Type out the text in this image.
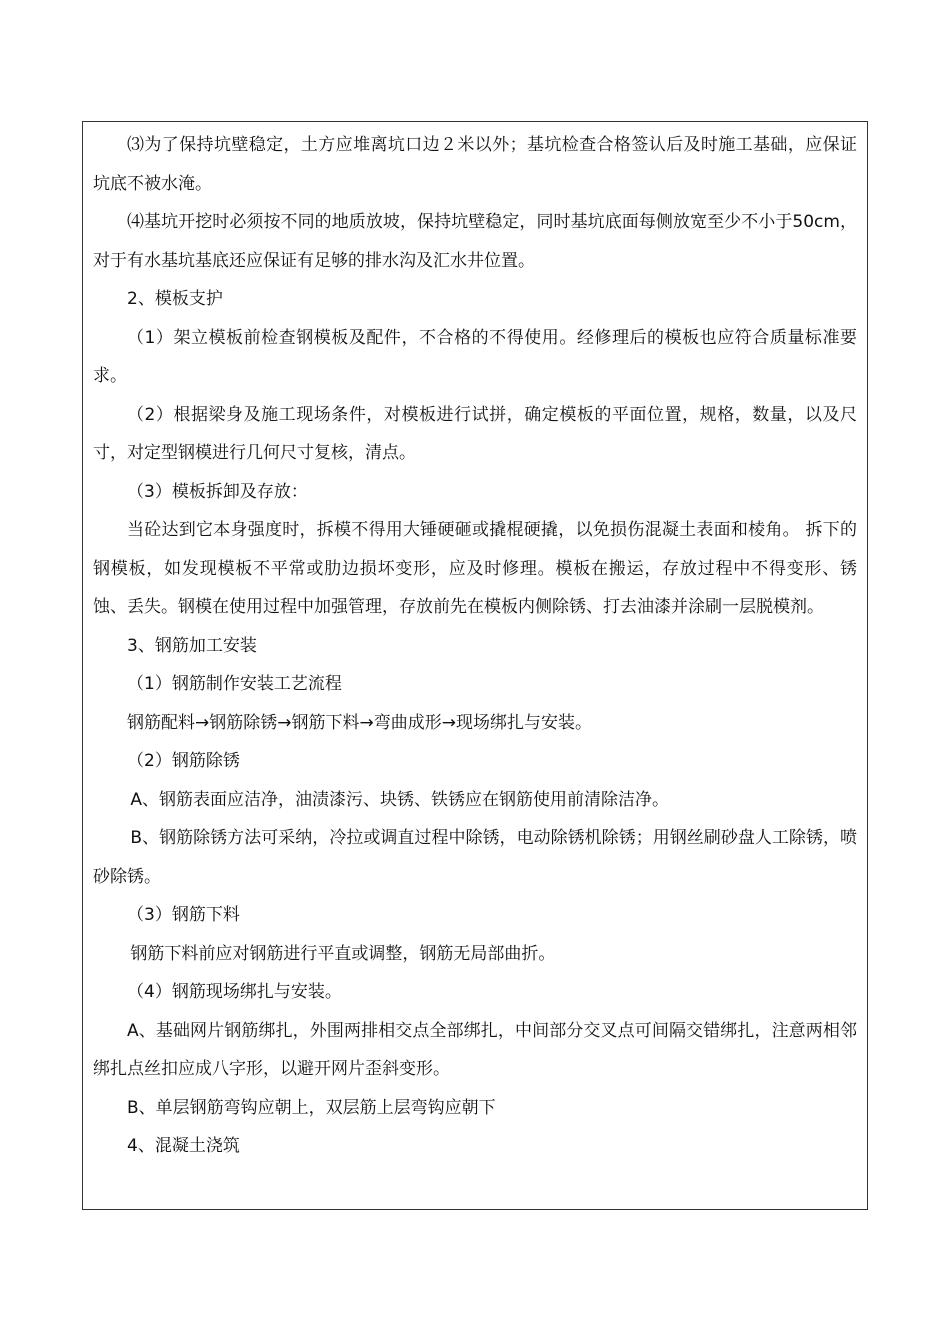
⑶为了保持坑壁稳定，土方应堆离坑口边２米以外；基坑检查合格签认后及时施工基础，应保证坑底不被水淹。

⑷基坑开挖时必须按不同的地质放坡，保持坑壁稳定，同时基坑底面每侧放宽至少不小于50cm，对于有水基坑基底还应保证有足够的排水沟及汇水井位置。

2、模板支护

（1）架立模板前检查钢模板及配件，不合格的不得使用。经修理后的模板也应符合质量标准要求。

（2）根据梁身及施工现场条件，对模板进行试拼，确定模板的平面位置，规格，数量，以及尺寸，对定型钢模进行几何尺寸复核，清点。

（3）模板拆卸及存放：

当砼达到它本身强度时，拆模不得用大锤硬砸或撬棍硬撬，以免损伤混凝土表面和棱角。 拆下的钢模板，如发现模板不平常或肋边损坏变形，应及时修理。模板在搬运，存放过程中不得变形、锈蚀、丢失。钢模在使用过程中加强管理，存放前先在模板内侧除锈、打去油漆并涂刷一层脱模剂。

3、钢筋加工安装

（1）钢筋制作安装工艺流程

钢筋配料→钢筋除锈→钢筋下料→弯曲成形→现场绑扎与安装。

（2）钢筋除锈

A、钢筋表面应洁净，油渍漆污、块锈、铁锈应在钢筋使用前清除洁净。

B、钢筋除锈方法可采纳，冷拉或调直过程中除锈，电动除锈机除锈；用钢丝刷砂盘人工除锈，喷砂除锈。

（3）钢筋下料

钢筋下料前应对钢筋进行平直或调整，钢筋无局部曲折。

（4）钢筋现场绑扎与安装。

A、基础网片钢筋绑扎，外围两排相交点全部绑扎，中间部分交叉点可间隔交错绑扎，注意两相邻绑扎点丝扣应成八字形，以避开网片歪斜变形。

B、单层钢筋弯钩应朝上，双层筋上层弯钩应朝下

4、混凝土浇筑
